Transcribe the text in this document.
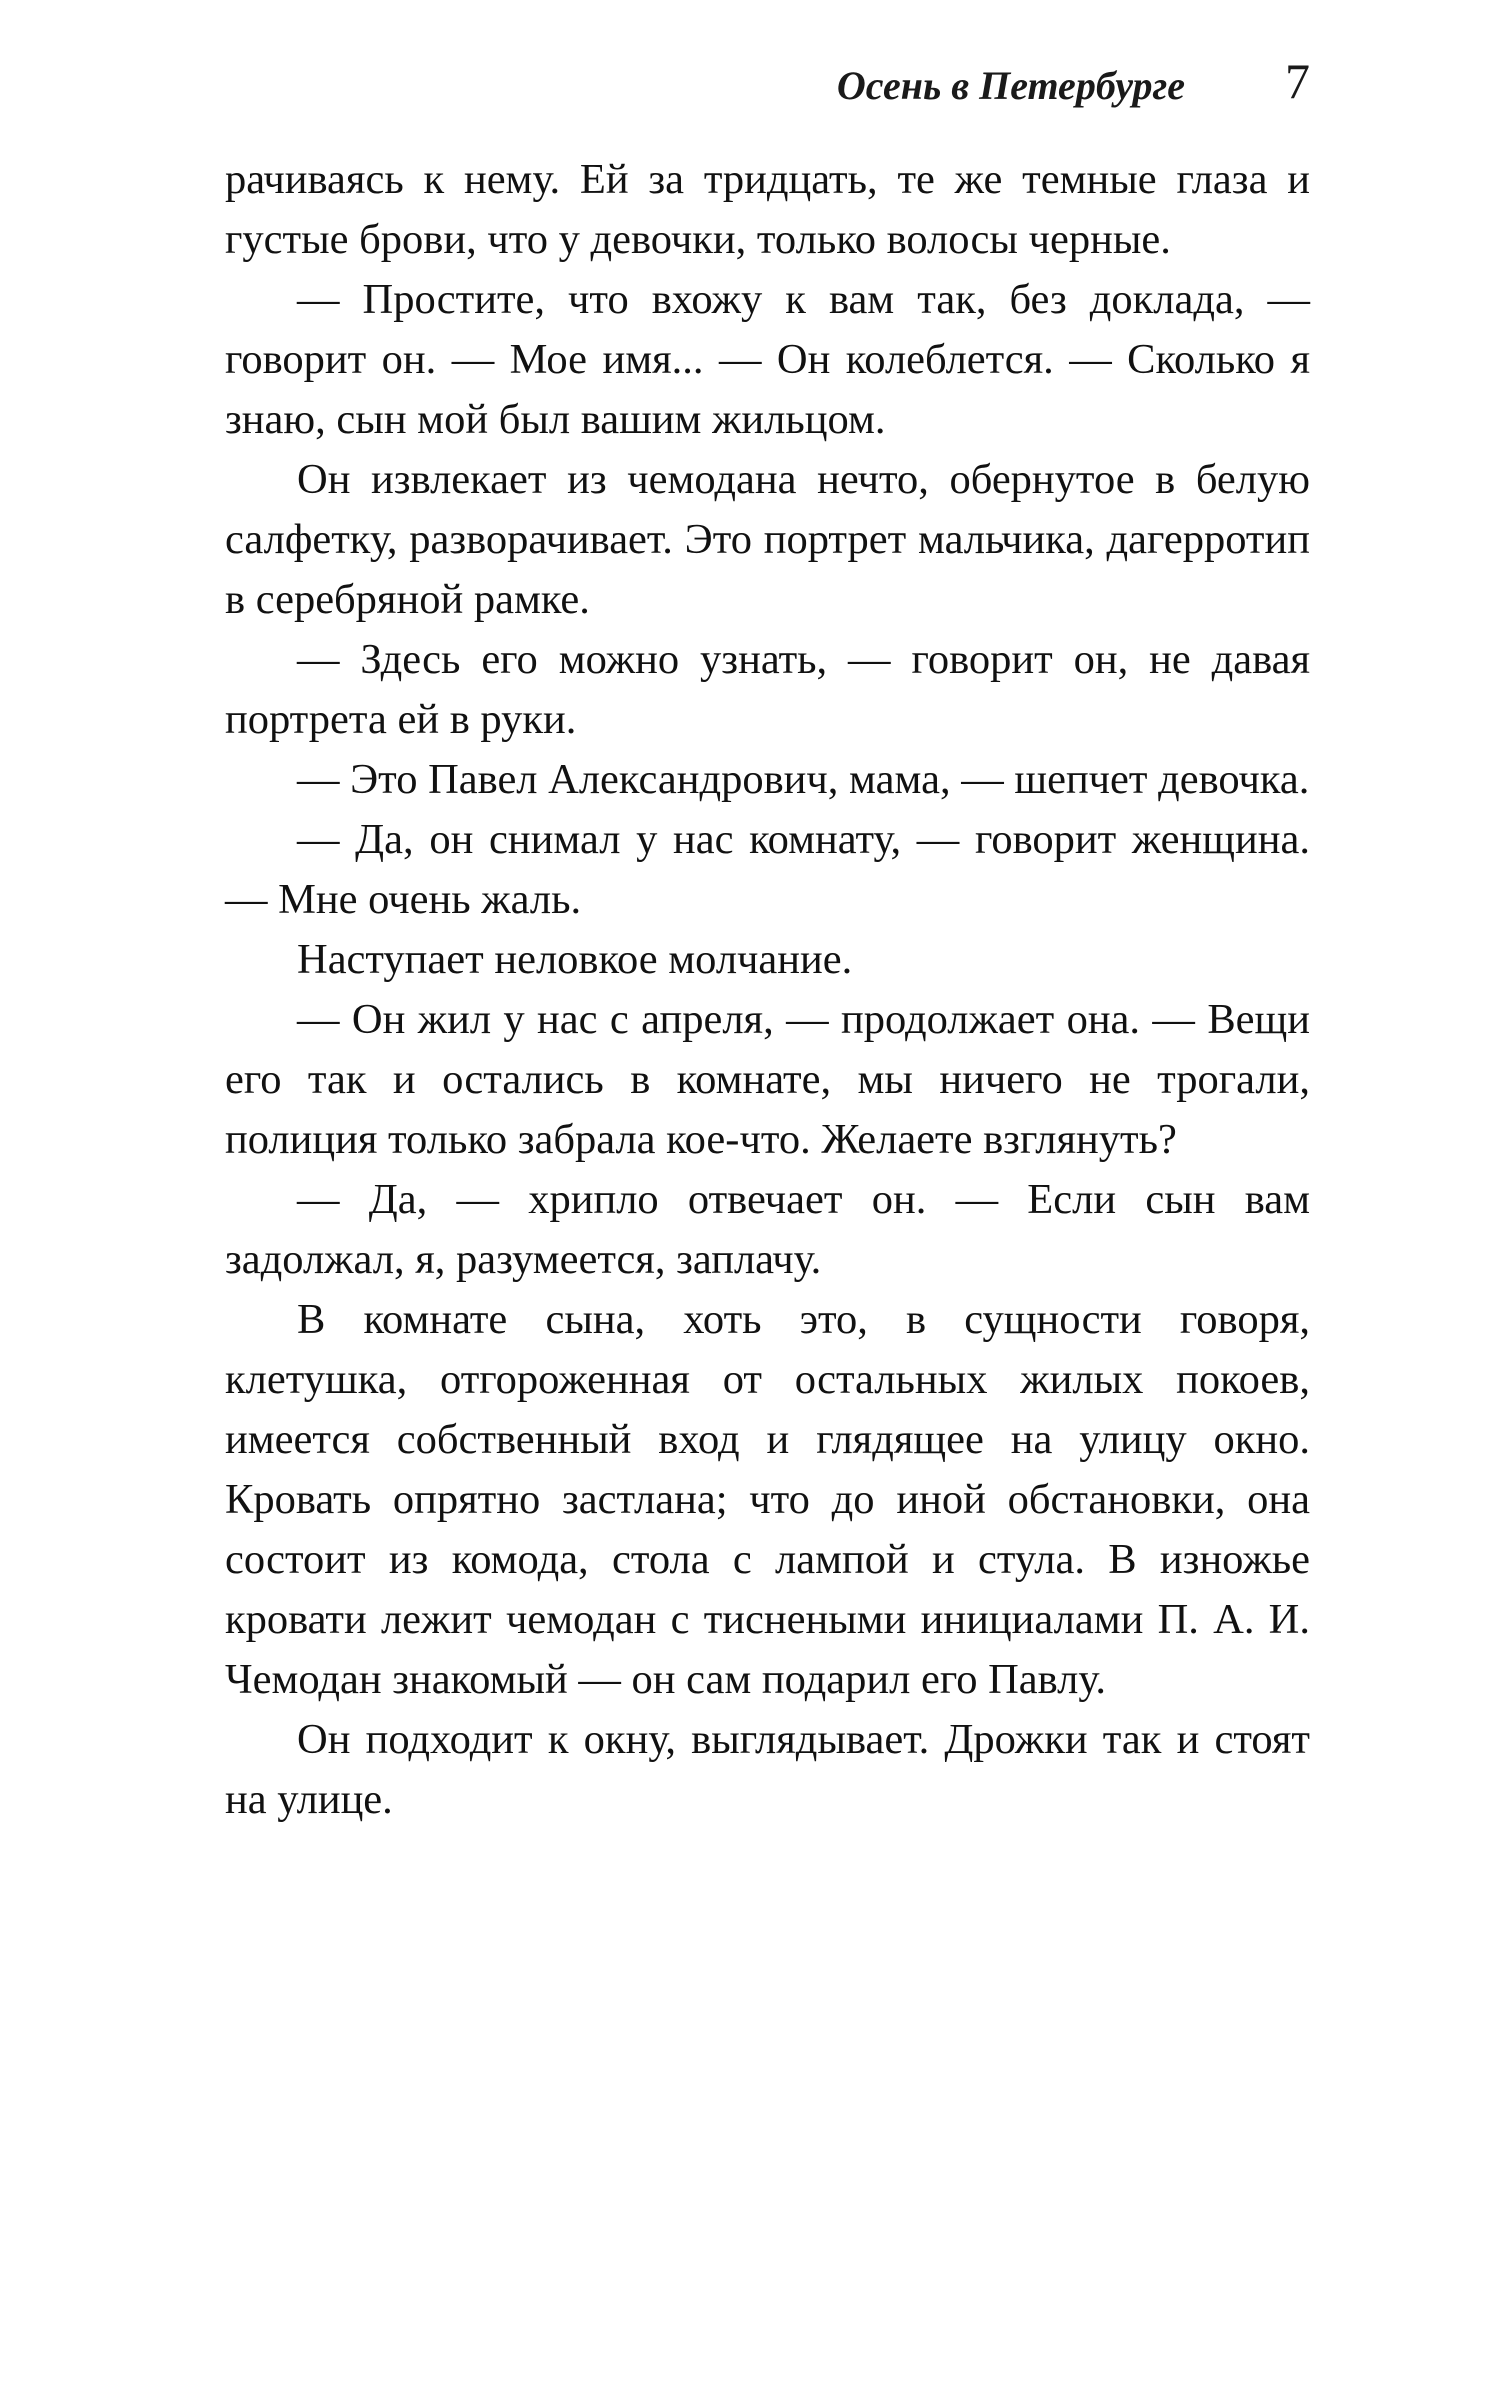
Осень в Петербурге 7

рачиваясь к нему. Ей за тридцать, те же темные глаза и густые брови, что у девочки, только волосы черные.

— Простите, что вхожу к вам так, без доклада, — говорит он. — Мое имя... — Он колеблется. — Сколько я знаю, сын мой был вашим жильцом.

Он извлекает из чемодана нечто, обернутое в белую салфетку, разворачивает. Это портрет мальчика, дагерротип в серебряной рамке.

— Здесь его можно узнать, — говорит он, не давая портрета ей в руки.

— Это Павел Александрович, мама, — шепчет девочка.

— Да, он снимал у нас комнату, — говорит женщина. — Мне очень жаль.

Наступает неловкое молчание.

— Он жил у нас с апреля, — продолжает она. — Вещи его так и остались в комнате, мы ничего не трогали, полиция только забрала кое-что. Желаете взглянуть?

— Да, — хрипло отвечает он. — Если сын вам задолжал, я, разумеется, заплачу.

В комнате сына, хоть это, в сущности говоря, клетушка, отгороженная от остальных жилых покоев, имеется собственный вход и глядящее на улицу окно. Кровать опрятно застлана; что до иной обстановки, она состоит из комода, стола с лампой и стула. В изножье кровати лежит чемодан с тиснеными инициалами П. А. И. Чемодан знакомый — он сам подарил его Павлу.

Он подходит к окну, выглядывает. Дрожки так и стоят на улице.
